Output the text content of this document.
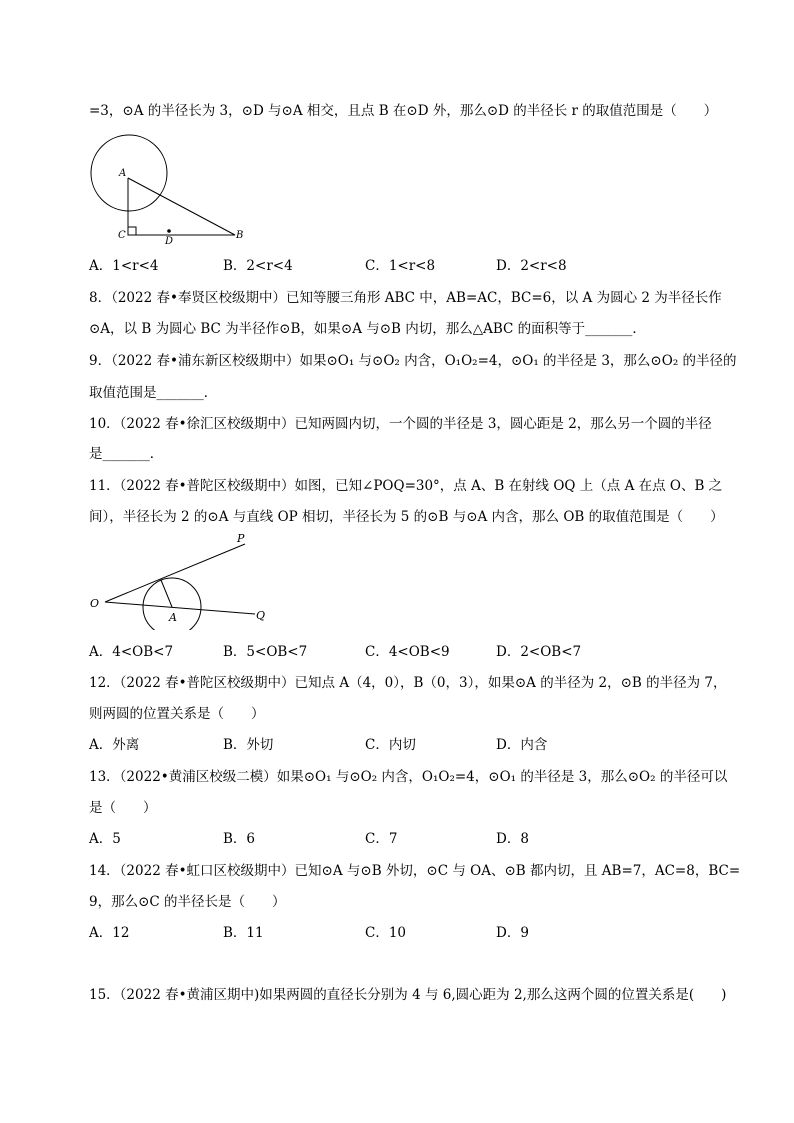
=3，⊙A 的半径长为 3，⊙D 与⊙A 相交，且点 B 在⊙D 外，那么⊙D 的半径长 r 的取值范围是（　　）
A
C
D
B
A．1<r<4	B．2<r<4	C．1<r<8	D．2<r<8
8．（2022 春•奉贤区校级期中）已知等腰三角形 ABC 中，AB=AC，BC=6，以 A 为圆心 2 为半径长作
⊙A，以 B 为圆心 BC 为半径作⊙B，如果⊙A 与⊙B 内切，那么△ABC 的面积等于_______．
9．（2022 春•浦东新区校级期中）如果⊙O₁ 与⊙O₂ 内含，O₁O₂=4，⊙O₁ 的半径是 3，那么⊙O₂ 的半径的
取值范围是_______．
10．（2022 春•徐汇区校级期中）已知两圆内切，一个圆的半径是 3，圆心距是 2，那么另一个圆的半径
是_______．
11．（2022 春•普陀区校级期中）如图，已知∠POQ=30°，点 A、B 在射线 OQ 上（点 A 在点 O、B 之
间），半径长为 2 的⊙A 与直线 OP 相切，半径长为 5 的⊙B 与⊙A 内含，那么 OB 的取值范围是（　　）
P
O
A	Q
A．4<OB<7	B．5<OB<7	C．4<OB<9	D．2<OB<7
12．（2022 春•普陀区校级期中）已知点 A（4，0），B（0，3），如果⊙A 的半径为 2，⊙B 的半径为 7，
则两圆的位置关系是（　　）
A．外离	B．外切	C．内切	D．内含
13．（2022•黄浦区校级二模）如果⊙O₁ 与⊙O₂ 内含，O₁O₂=4，⊙O₁ 的半径是 3，那么⊙O₂ 的半径可以
是（　　）
A．5	B．6	C．7	D．8
14．（2022 春•虹口区校级期中）已知⊙A 与⊙B 外切，⊙C 与 OA、⊙B 都内切，且 AB=7，AC=8，BC=
9，那么⊙C 的半径长是（　　）
A．12	B．11	C．10	D．9
15．（2022 春•黄浦区期中)如果两圆的直径长分别为 4 与 6,圆心距为 2,那么这两个圆的位置关系是(　　)
